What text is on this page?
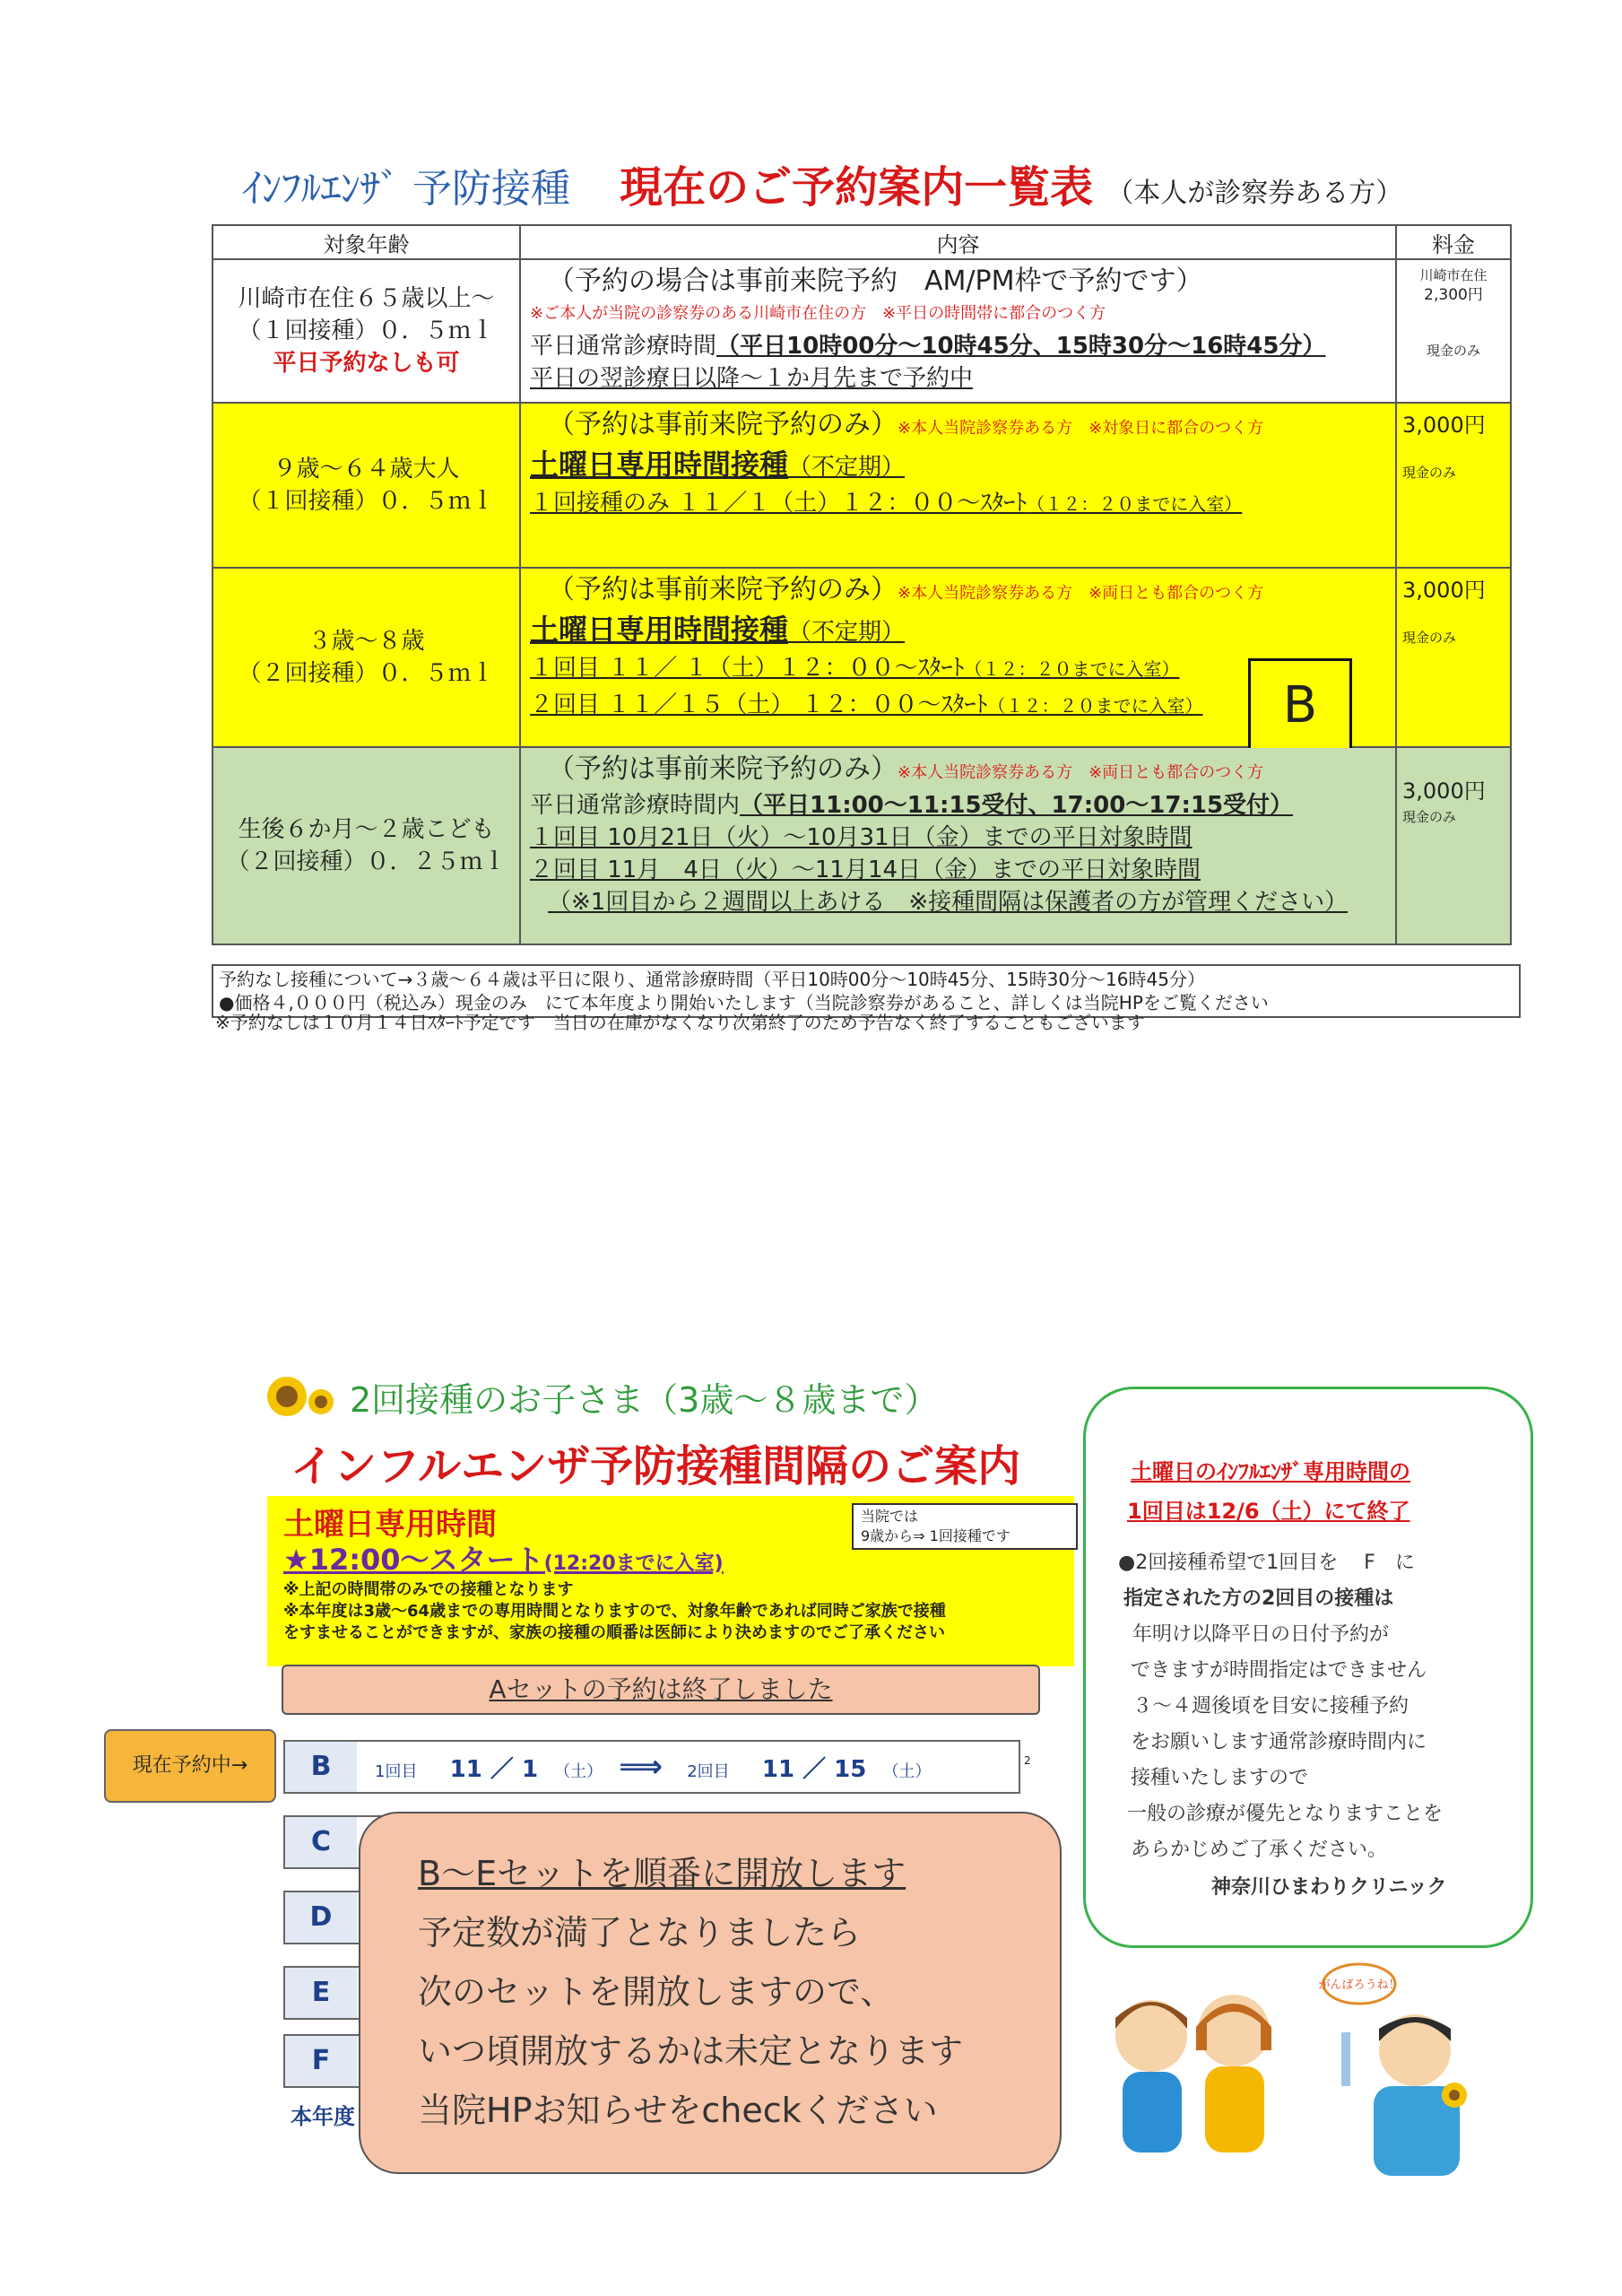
ｲﾝﾌﾙｴﾝｻﾞ 予防接種 現在のご予約案内一覧表 （本人が診察券ある方）
対象年齢	内容	料金

川崎市在住６５歳以上～
（１回接種）０．５ｍｌ
平日予約なしも可	（予約の場合は事前来院予約　AM/PM枠で予約です）
※ご本人が当院の診察券のある川崎市在住の方　※平日の時間帯に都合のつく方
平日通常診療時間（平日10時00分～10時45分、15時30分～16時45分）
平日の翌診療日以降～１か月先まで予約中	川崎市在住
2,300円
現金のみ

９歳～６４歳大人
（１回接種）０．５ｍｌ	（予約は事前来院予約のみ）※本人当院診察券ある方　※対象日に都合のつく方
土曜日専用時間接種（不定期）
１回接種のみ １１／１（土）１２：００～ｽﾀｰﾄ（１２：２０までに入室）	3,000円
現金のみ

３歳～８歳
（２回接種）０．５ｍｌ	（予約は事前来院予約のみ）※本人当院診察券ある方　※両日とも都合のつく方
土曜日専用時間接種（不定期）
１回目 １１／ １（土）１２：００～ｽﾀｰﾄ（１２：２０までに入室）
２回目 １１／１５（土） １２：００～ｽﾀｰﾄ（１２：２０までに入室） B	3,000円
現金のみ

生後６か月～２歳こども
（２回接種）０．２５ｍｌ	（予約は事前来院予約のみ）※本人当院診察券ある方　※両日とも都合のつく方
平日通常診療時間内（平日11:00～11:15受付、17:00～17:15受付）
１回目 10月21日（火）～10月31日（金）までの平日対象時間
２回目 11月　4日（火）～11月14日（金）までの平日対象時間
（※1回目から２週間以上あける　※接種間隔は保護者の方が管理ください）	3,000円
現金のみ
予約なし接種について→３歳～６４歳は平日に限り、通常診療時間（平日10時00分～10時45分、15時30分～16時45分）
●価格４,０００円（税込み）現金のみ　にて本年度より開始いたします（当院診察券があること、詳しくは当院HPをご覧ください
※予約なしは１０月１４日ｽﾀｰﾄ予定です　当日の在庫がなくなり次第終了のため予告なく終了することもございます
2回接種のお子さま（3歳～８歳まで）
インフルエンザ予防接種間隔のご案内
土曜日専用時間
★12:00～スタート(12:20までに入室)
※上記の時間帯のみでの接種となります
※本年度は3歳～64歳までの専用時間となりますので、対象年齢であれば同時ご家族で接種
をすませることができますが、家族の接種の順番は医師により決めますのでご了承ください
当院では
9歳から⇒ 1回接種です
Aセットの予約は終了しました
現在予約中→	B	1回目 11 ／ 1 （土） ⟹ 2回目 11 ／ 15 （土）
2
C
D
E
F
本年度
B～Eセットを順番に開放します
予定数が満了となりましたら
次のセットを開放しますので、
いつ頃開放するかは未定となります
当院HPお知らせをcheckください
土曜日のｲﾝﾌﾙｴﾝｻﾞ専用時間の
1回目は12/6（土）にて終了
●2回接種希望で1回目を　 F　に
指定された方の2回目の接種は
年明け以降平日の日付予約が
できますが時間指定はできません
３～４週後頃を目安に接種予約
をお願いします通常診療時間内に
接種いたしますので
一般の診療が優先となりますことを
あらかじめご了承ください。
神奈川ひまわりクリニック
がんばろうね！
